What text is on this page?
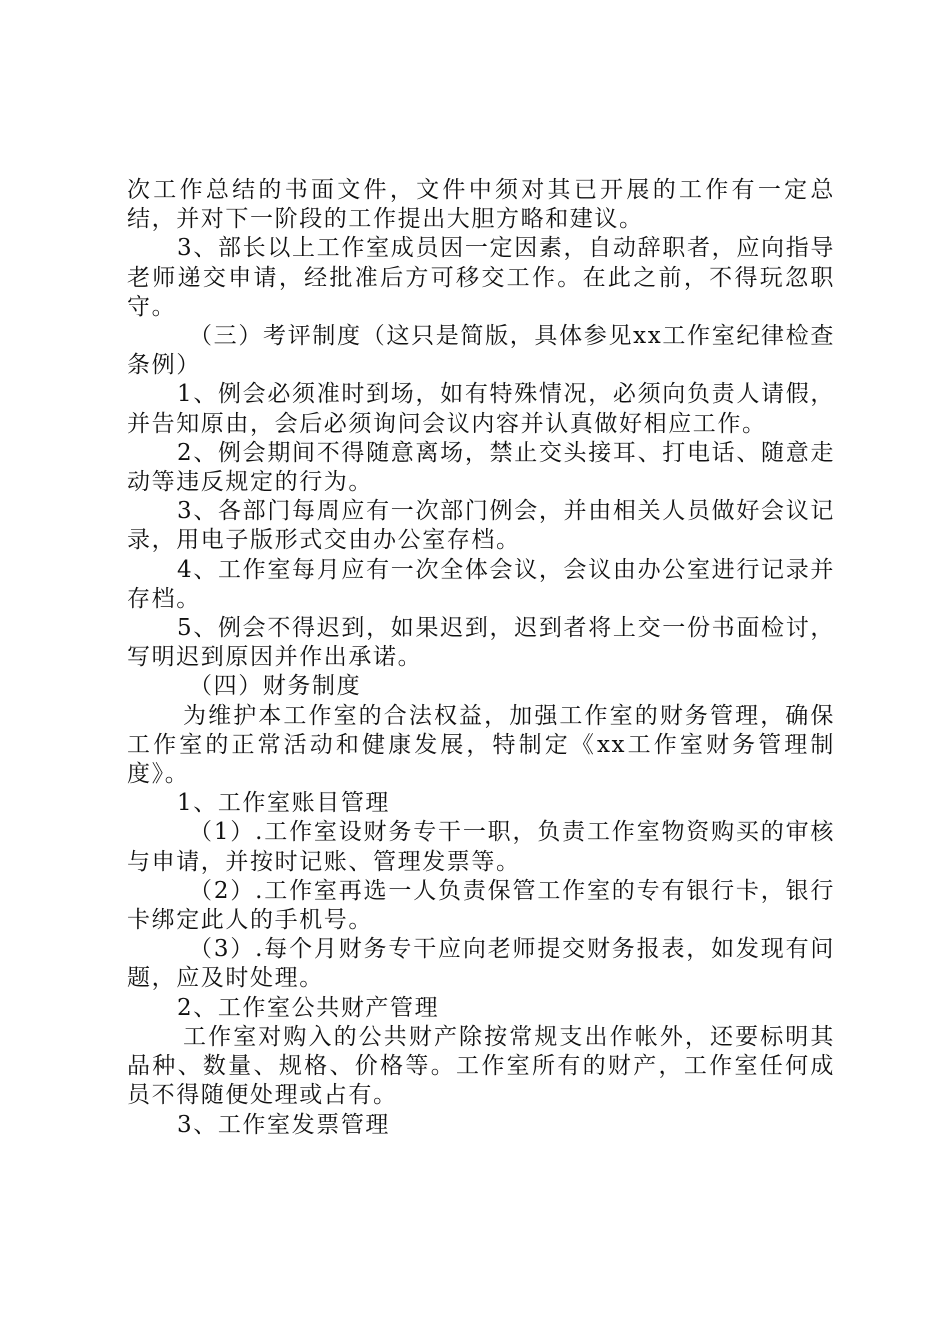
次工作总结的书面文件，文件中须对其已开展的工作有一定总结，并对下一阶段的工作提出大胆方略和建议。

3、部长以上工作室成员因一定因素，自动辞职者，应向指导老师递交申请，经批准后方可移交工作。在此之前，不得玩忽职守。

（三）考评制度（这只是简版，具体参见xx工作室纪律检查条例）

1、例会必须准时到场，如有特殊情况，必须向负责人请假，并告知原由，会后必须询问会议内容并认真做好相应工作。

2、例会期间不得随意离场，禁止交头接耳、打电话、随意走动等违反规定的行为。

3、各部门每周应有一次部门例会，并由相关人员做好会议记录，用电子版形式交由办公室存档。

4、工作室每月应有一次全体会议，会议由办公室进行记录并存档。

5、例会不得迟到，如果迟到，迟到者将上交一份书面检讨，写明迟到原因并作出承诺。

（四）财务制度

为维护本工作室的合法权益，加强工作室的财务管理，确保工作室的正常活动和健康发展，特制定《xx工作室财务管理制度》。

1、工作室账目管理

（1）.工作室设财务专干一职，负责工作室物资购买的审核与申请，并按时记账、管理发票等。

（2）.工作室再选一人负责保管工作室的专有银行卡，银行卡绑定此人的手机号。

（3）.每个月财务专干应向老师提交财务报表，如发现有问题，应及时处理。

2、工作室公共财产管理

工作室对购入的公共财产除按常规支出作帐外，还要标明其品种、数量、规格、价格等。工作室所有的财产，工作室任何成员不得随便处理或占有。

3、工作室发票管理
